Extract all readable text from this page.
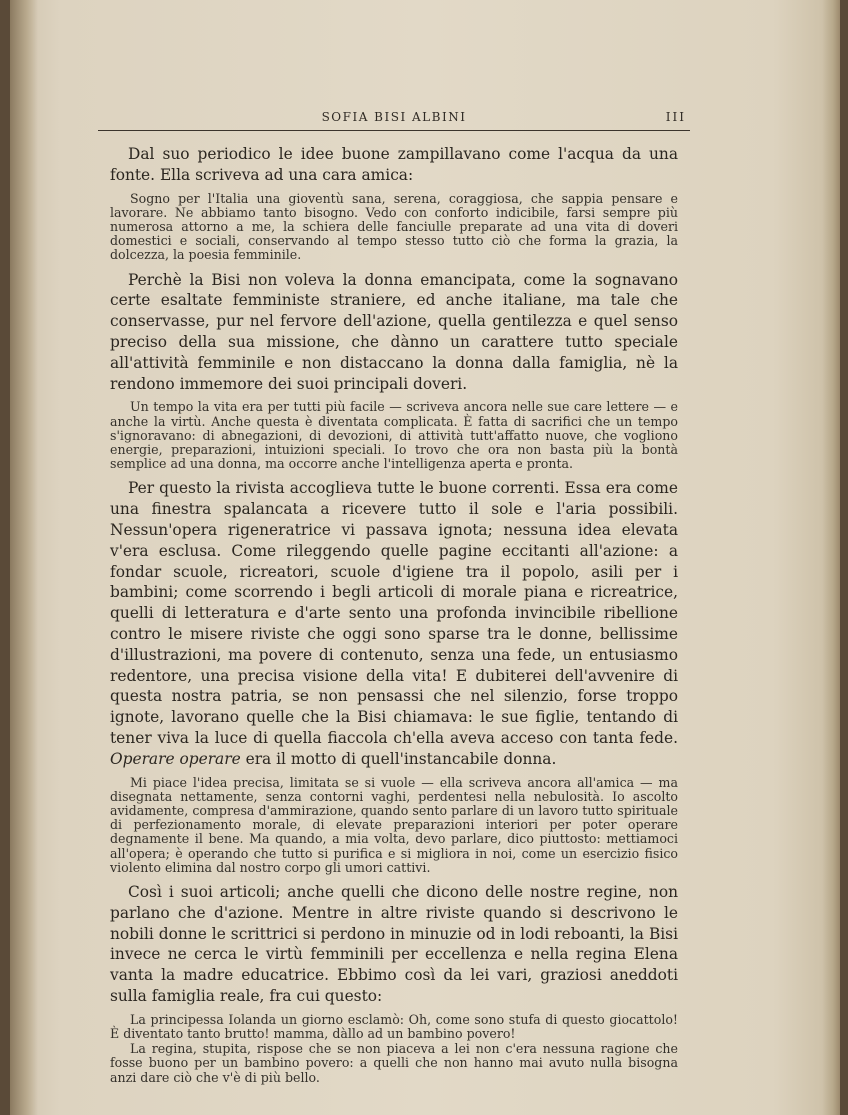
SOFIA BISI ALBINI	III

Dal suo periodico le idee buone zampillavano come l'acqua da una fonte. Ella scriveva ad una cara amica:

Sogno per l'Italia una gioventù sana, serena, coraggiosa, che sappia pensare e lavorare. Ne abbiamo tanto bisogno. Vedo con conforto indicibile, farsi sempre più numerosa attorno a me, la schiera delle fanciulle preparate ad una vita di doveri domestici e sociali, conservando al tempo stesso tutto ciò che forma la grazia, la dolcezza, la poesia femminile.

Perchè la Bisi non voleva la donna emancipata, come la sognavano certe esaltate femministe straniere, ed anche italiane, ma tale che conservasse, pur nel fervore dell'azione, quella gentilezza e quel senso preciso della sua missione, che dànno un carattere tutto speciale all'attività femminile e non distaccano la donna dalla famiglia, nè la rendono immemore dei suoi principali doveri.

Un tempo la vita era per tutti più facile — scriveva ancora nelle sue care lettere — e anche la virtù. Anche questa è diventata complicata. È fatta di sacrifici che un tempo s'ignoravano: di abnegazioni, di devozioni, di attività tutt'affatto nuove, che vogliono energie, preparazioni, intuizioni speciali. Io trovo che ora non basta più la bontà semplice ad una donna, ma occorre anche l'intelligenza aperta e pronta.

Per questo la rivista accoglieva tutte le buone correnti. Essa era come una finestra spalancata a ricevere tutto il sole e l'aria possibili. Nessun'opera rigeneratrice vi passava ignota; nessuna idea elevata v'era esclusa. Come rileggendo quelle pagine eccitanti all'azione: a fondar scuole, ricreatori, scuole d'igiene tra il popolo, asili per i bambini; come scorrendo i begli articoli di morale piana e ricreatrice, quelli di letteratura e d'arte sento una profonda invincibile ribellione contro le misere riviste che oggi sono sparse tra le donne, bellissime d'illustrazioni, ma povere di contenuto, senza una fede, un entusiasmo redentore, una precisa visione della vita! E dubiterei dell'avvenire di questa nostra patria, se non pensassi che nel silenzio, forse troppo ignote, lavorano quelle che la Bisi chiamava: le sue figlie, tentando di tener viva la luce di quella fiaccola ch'ella aveva acceso con tanta fede. Operare operare era il motto di quell'instancabile donna.

Mi piace l'idea precisa, limitata se si vuole — ella scriveva ancora all'amica — ma disegnata nettamente, senza contorni vaghi, perdentesi nella nebulosità. Io ascolto avidamente, compresa d'ammirazione, quando sento parlare di un lavoro tutto spirituale di perfezionamento morale, di elevate preparazioni interiori per poter operare degnamente il bene. Ma quando, a mia volta, devo parlare, dico piuttosto: mettiamoci all'opera; è operando che tutto si purifica e si migliora in noi, come un esercizio fisico violento elimina dal nostro corpo gli umori cattivi.

Così i suoi articoli; anche quelli che dicono delle nostre regine, non parlano che d'azione. Mentre in altre riviste quando si descrivono le nobili donne le scrittrici si perdono in minuzie od in lodi reboanti, la Bisi invece ne cerca le virtù femminili per eccellenza e nella regina Elena vanta la madre educatrice. Ebbimo così da lei vari, graziosi aneddoti sulla famiglia reale, fra cui questo:

La principessa Iolanda un giorno esclamò: Oh, come sono stufa di questo giocattolo! È diventato tanto brutto! mamma, dàllo ad un bambino povero!

La regina, stupita, rispose che se non piaceva a lei non c'era nessuna ragione che fosse buono per un bambino povero: a quelli che non hanno mai avuto nulla bisogna anzi dare ciò che v'è di più bello.
